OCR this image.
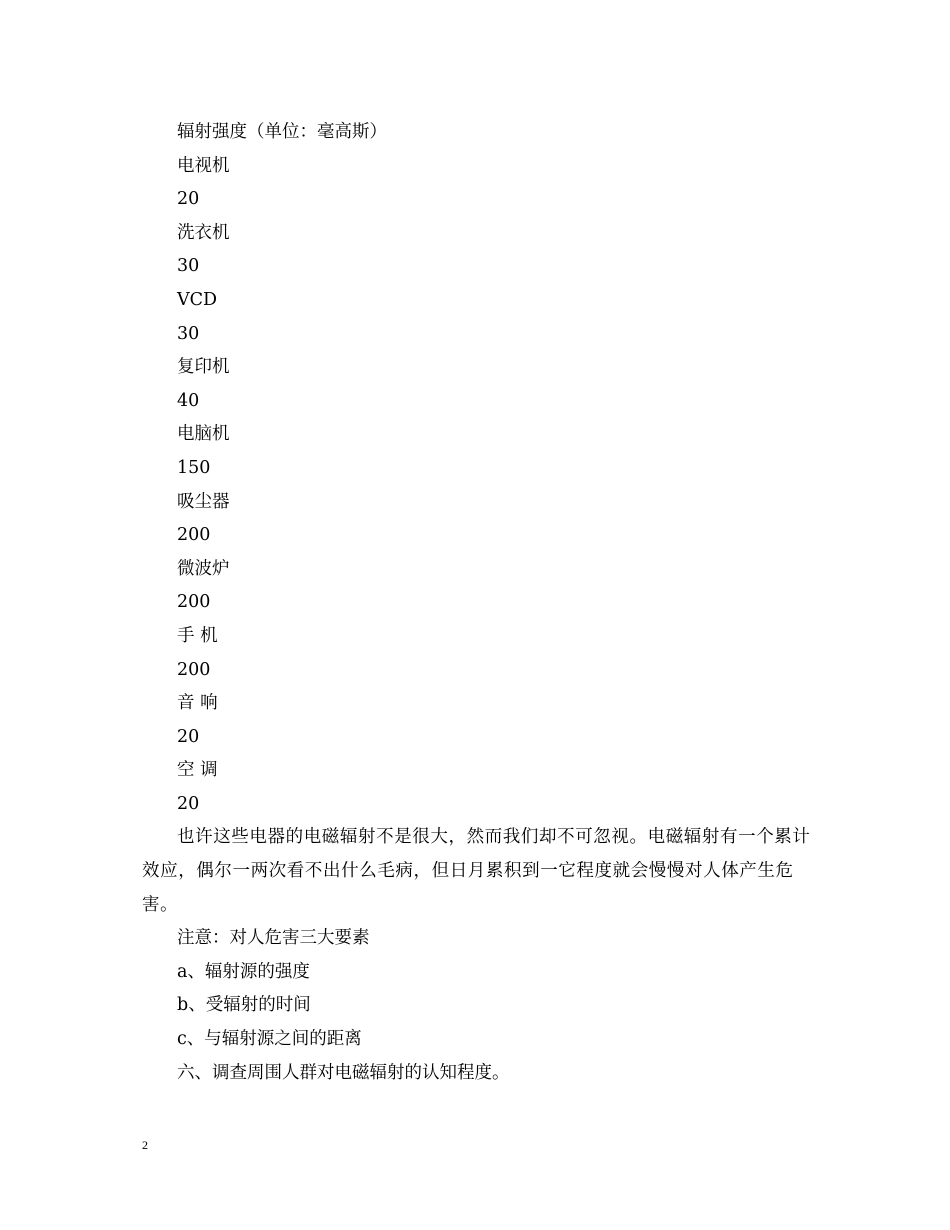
辐射强度（单位：毫高斯）

电视机

20

洗衣机

30

VCD

30

复印机

40

电脑机

150

吸尘器

200

微波炉

200

手 机

200

音 响

20

空 调

20

也许这些电器的电磁辐射不是很大，然而我们却不可忽视。电磁辐射有一个累计效应，偶尔一两次看不出什么毛病，但日月累积到一它程度就会慢慢对人体产生危害。

注意：对人危害三大要素

a、辐射源的强度

b、受辐射的时间

c、与辐射源之间的距离

六、调查周围人群对电磁辐射的认知程度。

2
